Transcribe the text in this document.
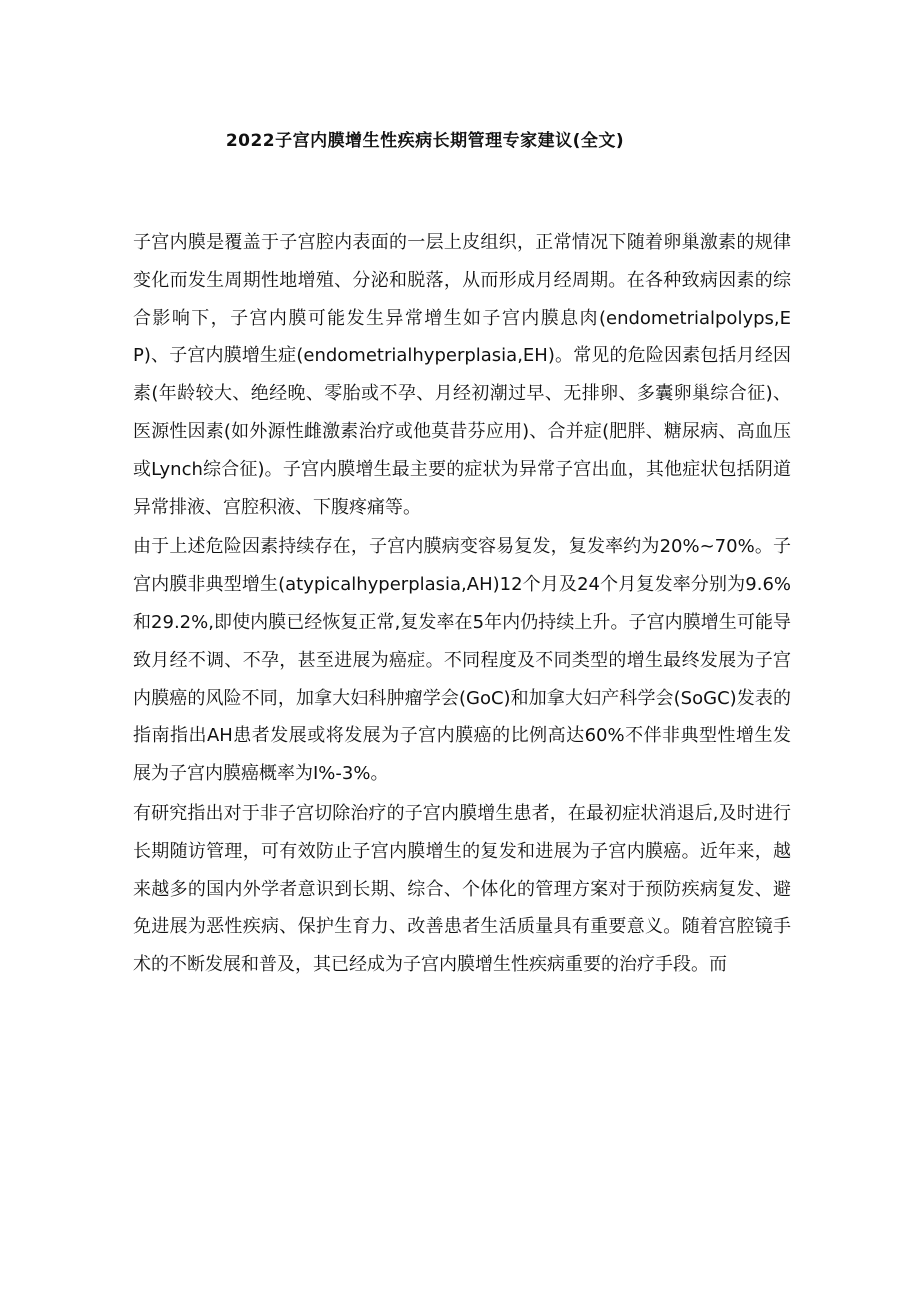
2022子宫内膜增生性疾病长期管理专家建议(全文)

子宫内膜是覆盖于子宫腔内表面的一层上皮组织，正常情况下随着卵巢激素的规律变化而发生周期性地增殖、分泌和脱落，从而形成月经周期。在各种致病因素的综合影响下，子宫内膜可能发生异常增生如子宫内膜息肉(endometrialpolyps,EP)、子宫内膜增生症(endometrialhyperplasia,EH)。常见的危险因素包括月经因素(年龄较大、绝经晚、零胎或不孕、月经初潮过早、无排卵、多囊卵巢综合征)、医源性因素(如外源性雌激素治疗或他莫昔芬应用)、合并症(肥胖、糖尿病、高血压或Lynch综合征)。子宫内膜增生最主要的症状为异常子宫出血，其他症状包括阴道异常排液、宫腔积液、下腹疼痛等。

由于上述危险因素持续存在，子宫内膜病变容易复发，复发率约为20%~70%。子宫内膜非典型增生(atypicalhyperplasia,AH)12个月及24个月复发率分别为9.6%和29.2%,即使内膜已经恢复正常,复发率在5年内仍持续上升。子宫内膜增生可能导致月经不调、不孕，甚至进展为癌症。不同程度及不同类型的增生最终发展为子宫内膜癌的风险不同，加拿大妇科肿瘤学会(GoC)和加拿大妇产科学会(SoGC)发表的指南指出AH患者发展或将发展为子宫内膜癌的比例高达60%不伴非典型性增生发展为子宫内膜癌概率为I%-3%。

有研究指出对于非子宫切除治疗的子宫内膜增生患者，在最初症状消退后,及时进行长期随访管理，可有效防止子宫内膜增生的复发和进展为子宫内膜癌。近年来，越来越多的国内外学者意识到长期、综合、个体化的管理方案对于预防疾病复发、避免进展为恶性疾病、保护生育力、改善患者生活质量具有重要意义。随着宫腔镜手术的不断发展和普及，其已经成为子宫内膜增生性疾病重要的治疗手段。而
